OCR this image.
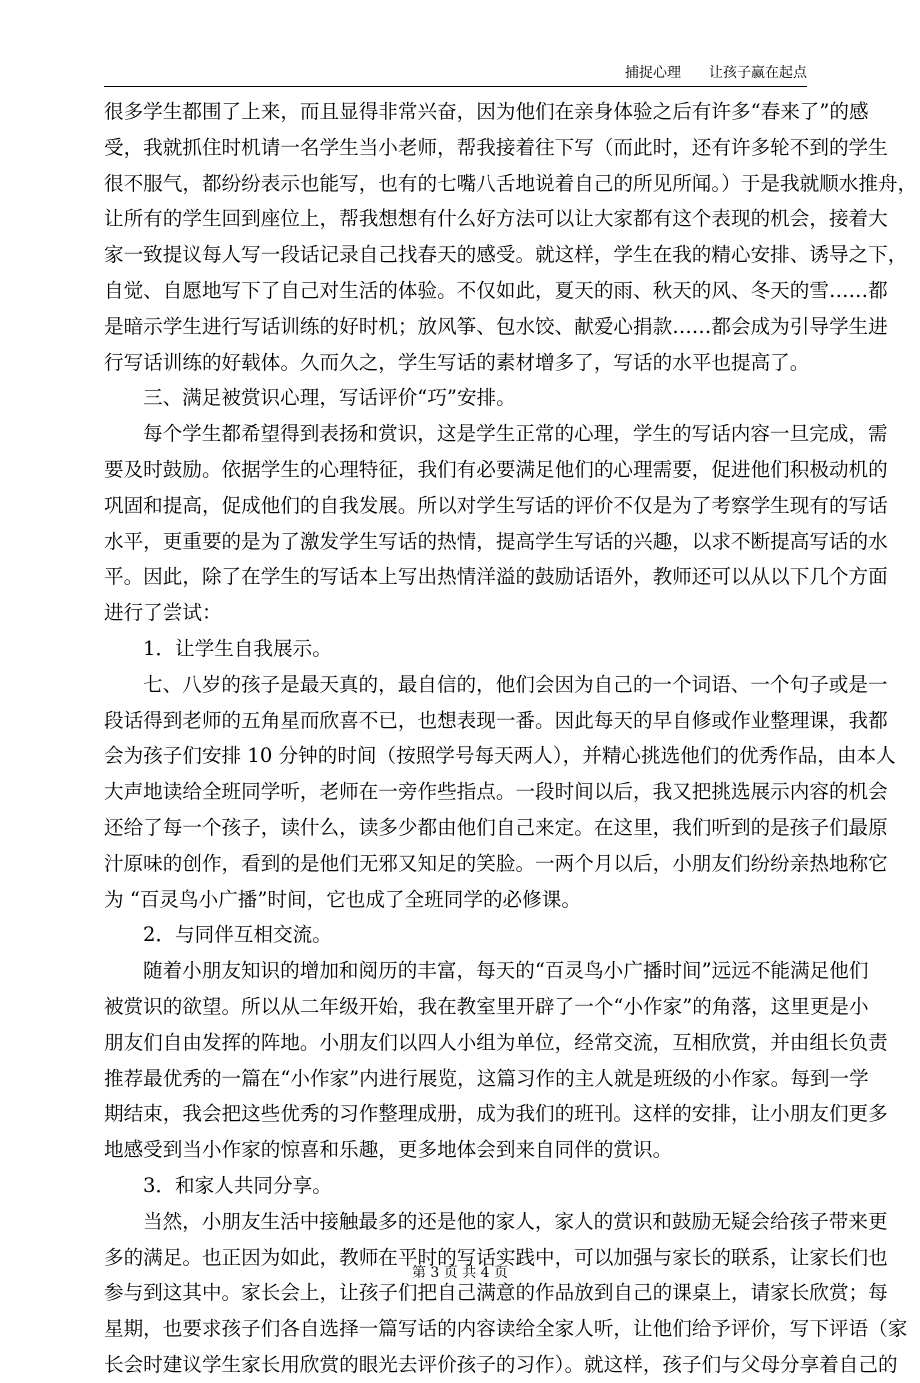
捕捉心理 让孩子赢在起点
很多学生都围了上来，而且显得非常兴奋，因为他们在亲身体验之后有许多“春来了”的感
受，我就抓住时机请一名学生当小老师，帮我接着往下写（而此时，还有许多轮不到的学生
很不服气，都纷纷表示也能写，也有的七嘴八舌地说着自己的所见所闻。）于是我就顺水推舟，
让所有的学生回到座位上，帮我想想有什么好方法可以让大家都有这个表现的机会，接着大
家一致提议每人写一段话记录自己找春天的感受。就这样，学生在我的精心安排、诱导之下，
自觉、自愿地写下了自己对生活的体验。不仅如此，夏天的雨、秋天的风、冬天的雪……都
是暗示学生进行写话训练的好时机；放风筝、包水饺、献爱心捐款……都会成为引导学生进
行写话训练的好载体。久而久之，学生写话的素材增多了，写话的水平也提高了。
三、满足被赏识心理，写话评价“巧”安排。
每个学生都希望得到表扬和赏识，这是学生正常的心理，学生的写话内容一旦完成，需
要及时鼓励。依据学生的心理特征，我们有必要满足他们的心理需要，促进他们积极动机的
巩固和提高，促成他们的自我发展。所以对学生写话的评价不仅是为了考察学生现有的写话
水平，更重要的是为了激发学生写话的热情，提高学生写话的兴趣，以求不断提高写话的水
平。因此，除了在学生的写话本上写出热情洋溢的鼓励话语外，教师还可以从以下几个方面
进行了尝试：
1．让学生自我展示。
七、八岁的孩子是最天真的，最自信的，他们会因为自己的一个词语、一个句子或是一
段话得到老师的五角星而欣喜不已，也想表现一番。因此每天的早自修或作业整理课，我都
会为孩子们安排 10 分钟的时间（按照学号每天两人），并精心挑选他们的优秀作品，由本人
大声地读给全班同学听，老师在一旁作些指点。一段时间以后，我又把挑选展示内容的机会
还给了每一个孩子，读什么，读多少都由他们自己来定。在这里，我们听到的是孩子们最原
汁原味的创作，看到的是他们无邪又知足的笑脸。一两个月以后，小朋友们纷纷亲热地称它
为 “百灵鸟小广播”时间，它也成了全班同学的必修课。
2．与同伴互相交流。
随着小朋友知识的增加和阅历的丰富，每天的“百灵鸟小广播时间”远远不能满足他们
被赏识的欲望。所以从二年级开始，我在教室里开辟了一个“小作家”的角落，这里更是小
朋友们自由发挥的阵地。小朋友们以四人小组为单位，经常交流，互相欣赏，并由组长负责
推荐最优秀的一篇在“小作家”内进行展览，这篇习作的主人就是班级的小作家。每到一学
期结束，我会把这些优秀的习作整理成册，成为我们的班刊。这样的安排，让小朋友们更多
地感受到当小作家的惊喜和乐趣，更多地体会到来自同伴的赏识。
3．和家人共同分享。
当然，小朋友生活中接触最多的还是他的家人，家人的赏识和鼓励无疑会给孩子带来更
多的满足。也正因为如此，教师在平时的写话实践中，可以加强与家长的联系，让家长们也
参与到这其中。家长会上，让孩子们把自己满意的作品放到自己的课桌上，请家长欣赏；每
星期，也要求孩子们各自选择一篇写话的内容读给全家人听，让他们给予评价，写下评语（家
长会时建议学生家长用欣赏的眼光去评价孩子的习作）。就这样，孩子们与父母分享着自己的
第 3 页 共 4 页
